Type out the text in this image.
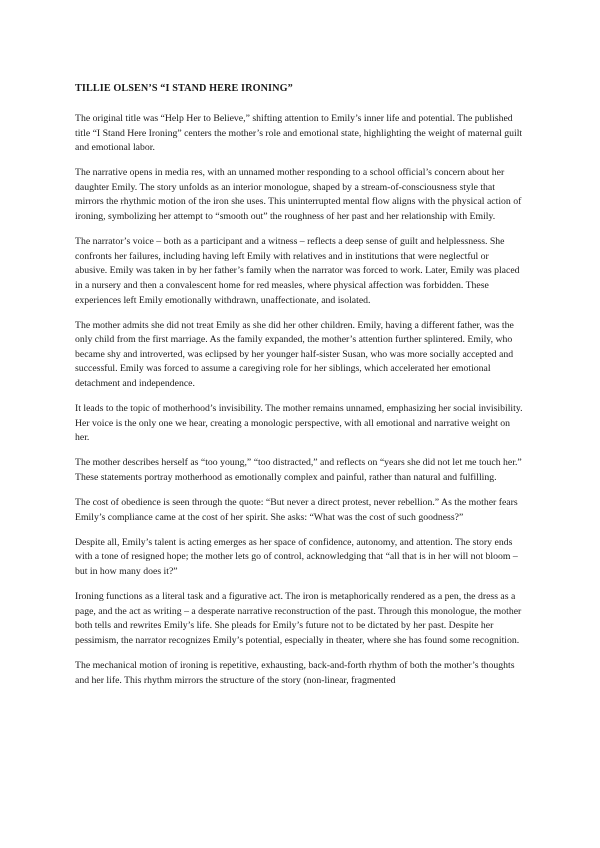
TILLIE OLSEN’S “I STAND HERE IRONING”

The original title was “Help Her to Believe,” shifting attention to Emily’s inner life and potential. The published title “I Stand Here Ironing” centers the mother’s role and emotional state, highlighting the weight of maternal guilt and emotional labor.

The narrative opens in media res, with an unnamed mother responding to a school official’s concern about her daughter Emily. The story unfolds as an interior monologue, shaped by a stream-of-consciousness style that mirrors the rhythmic motion of the iron she uses. This uninterrupted mental flow aligns with the physical action of ironing, symbolizing her attempt to “smooth out” the roughness of her past and her relationship with Emily.

The narrator’s voice – both as a participant and a witness – reflects a deep sense of guilt and helplessness. She confronts her failures, including having left Emily with relatives and in institutions that were neglectful or abusive. Emily was taken in by her father’s family when the narrator was forced to work. Later, Emily was placed in a nursery and then a convalescent home for red measles, where physical affection was forbidden. These experiences left Emily emotionally withdrawn, unaffectionate, and isolated.

The mother admits she did not treat Emily as she did her other children. Emily, having a different father, was the only child from the first marriage. As the family expanded, the mother’s attention further splintered. Emily, who became shy and introverted, was eclipsed by her younger half-sister Susan, who was more socially accepted and successful. Emily was forced to assume a caregiving role for her siblings, which accelerated her emotional detachment and independence.

It leads to the topic of motherhood’s invisibility. The mother remains unnamed, emphasizing her social invisibility. Her voice is the only one we hear, creating a monologic perspective, with all emotional and narrative weight on her.

The mother describes herself as “too young,” “too distracted,” and reflects on “years she did not let me touch her.” These statements portray motherhood as emotionally complex and painful, rather than natural and fulfilling.

The cost of obedience is seen through the quote: “But never a direct protest, never rebellion.” As the mother fears Emily’s compliance came at the cost of her spirit. She asks: “What was the cost of such goodness?”

Despite all, Emily’s talent is acting emerges as her space of confidence, autonomy, and attention. The story ends with a tone of resigned hope; the mother lets go of control, acknowledging that “all that is in her will not bloom – but in how many does it?”

Ironing functions as a literal task and a figurative act. The iron is metaphorically rendered as a pen, the dress as a page, and the act as writing – a desperate narrative reconstruction of the past. Through this monologue, the mother both tells and rewrites Emily’s life. She pleads for Emily’s future not to be dictated by her past. Despite her pessimism, the narrator recognizes Emily’s potential, especially in theater, where she has found some recognition.

The mechanical motion of ironing is repetitive, exhausting, back-and-forth rhythm of both the mother’s thoughts and her life. This rhythm mirrors the structure of the story (non-linear, fragmented
